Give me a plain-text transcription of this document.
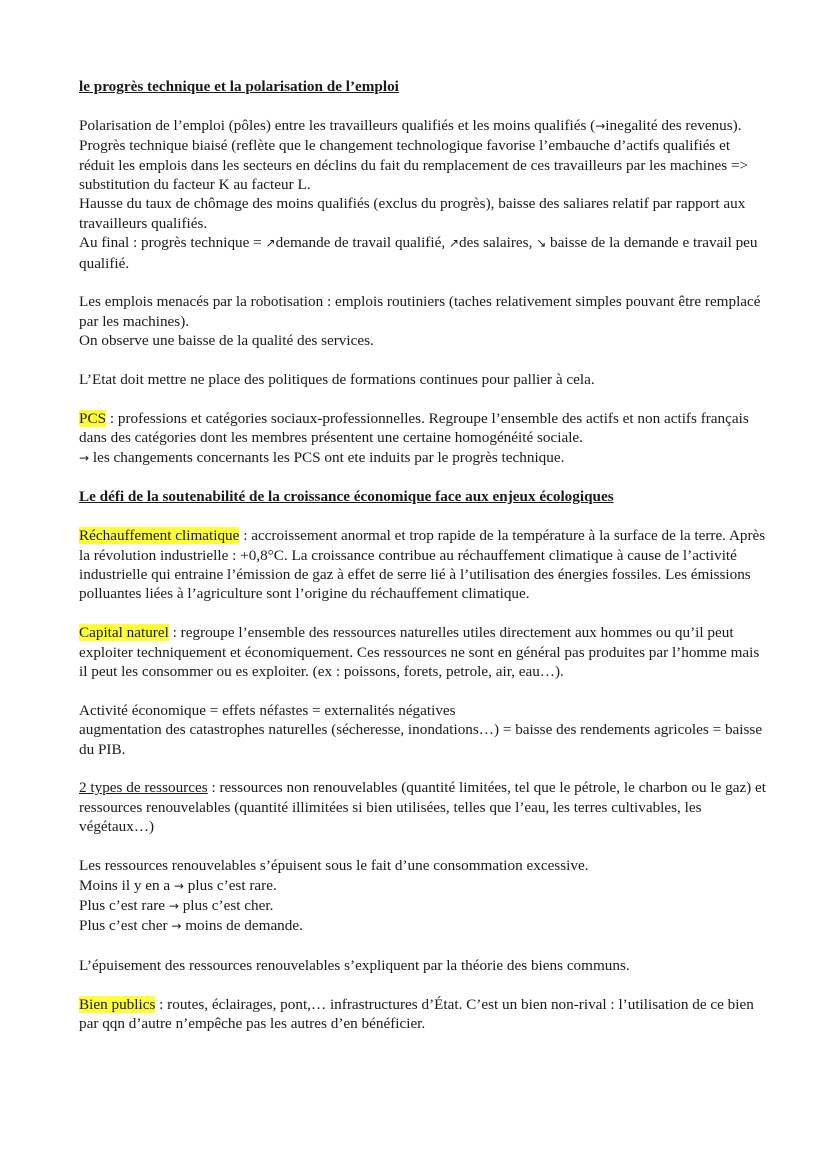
le progrès technique et la polarisation de l’emploi

Polarisation de l’emploi (pôles) entre les travailleurs qualifiés et les moins qualifiés (→inegalité des revenus). Progrès technique biaisé (reflète que le changement technologique favorise l’embauche d’actifs qualifiés et réduit les emplois dans les secteurs en déclins du fait du remplacement de ces travailleurs par les machines => substitution du facteur K au facteur L.

Hausse du taux de chômage des moins qualifiés (exclus du progrès), baisse des saliares relatif par rapport aux travailleurs qualifiés.

Au final : progrès technique = ↗demande de travail qualifié, ↗des salaires, ↘ baisse de la demande e travail peu qualifié.

Les emplois menacés par la robotisation : emplois routiniers (taches relativement simples pouvant être remplacé par les machines).

On observe une baisse de la qualité des services.

L’Etat doit mettre ne place des politiques de formations continues pour pallier à cela.

PCS : professions et catégories sociaux-professionnelles. Regroupe l’ensemble des actifs et non actifs français dans des catégories dont les membres présentent une certaine homogénéité sociale.

→ les changements concernants les PCS ont ete induits par le progrès technique.

Le défi de la soutenabilité de la croissance économique face aux enjeux écologiques

Réchauffement climatique : accroissement anormal et trop rapide de la température à la surface de la terre. Après la révolution industrielle : +0,8°C. La croissance contribue au réchauffement climatique à cause de l’activité industrielle qui entraine l’émission de gaz à effet de serre lié à l’utilisation des énergies fossiles. Les émissions polluantes liées à l’agriculture sont l’origine du réchauffement climatique.

Capital naturel : regroupe l’ensemble des ressources naturelles utiles directement aux hommes ou qu’il peut exploiter techniquement et économiquement. Ces ressources ne sont en général pas produites par l’homme mais il peut les consommer ou es exploiter. (ex : poissons, forets, petrole, air, eau…).

Activité économique = effets néfastes = externalités négatives

augmentation des catastrophes naturelles (sécheresse, inondations…) = baisse des rendements agricoles = baisse du PIB.

2 types de ressources : ressources non renouvelables (quantité limitées, tel que le pétrole, le charbon ou le gaz) et ressources renouvelables (quantité illimitées si bien utilisées, telles que l’eau, les terres cultivables, les végétaux…)

Les ressources renouvelables s’épuisent sous le fait d’une consommation excessive.

Moins il y en a → plus c’est rare.

Plus c’est rare → plus c’est cher.

Plus c’est cher → moins de demande.

L’épuisement des ressources renouvelables s’expliquent par la théorie des biens communs.

Bien publics : routes, éclairages, pont,… infrastructures d’État. C’est un bien non-rival : l’utilisation de ce bien par qqn d’autre n’empêche pas les autres d’en bénéficier.
